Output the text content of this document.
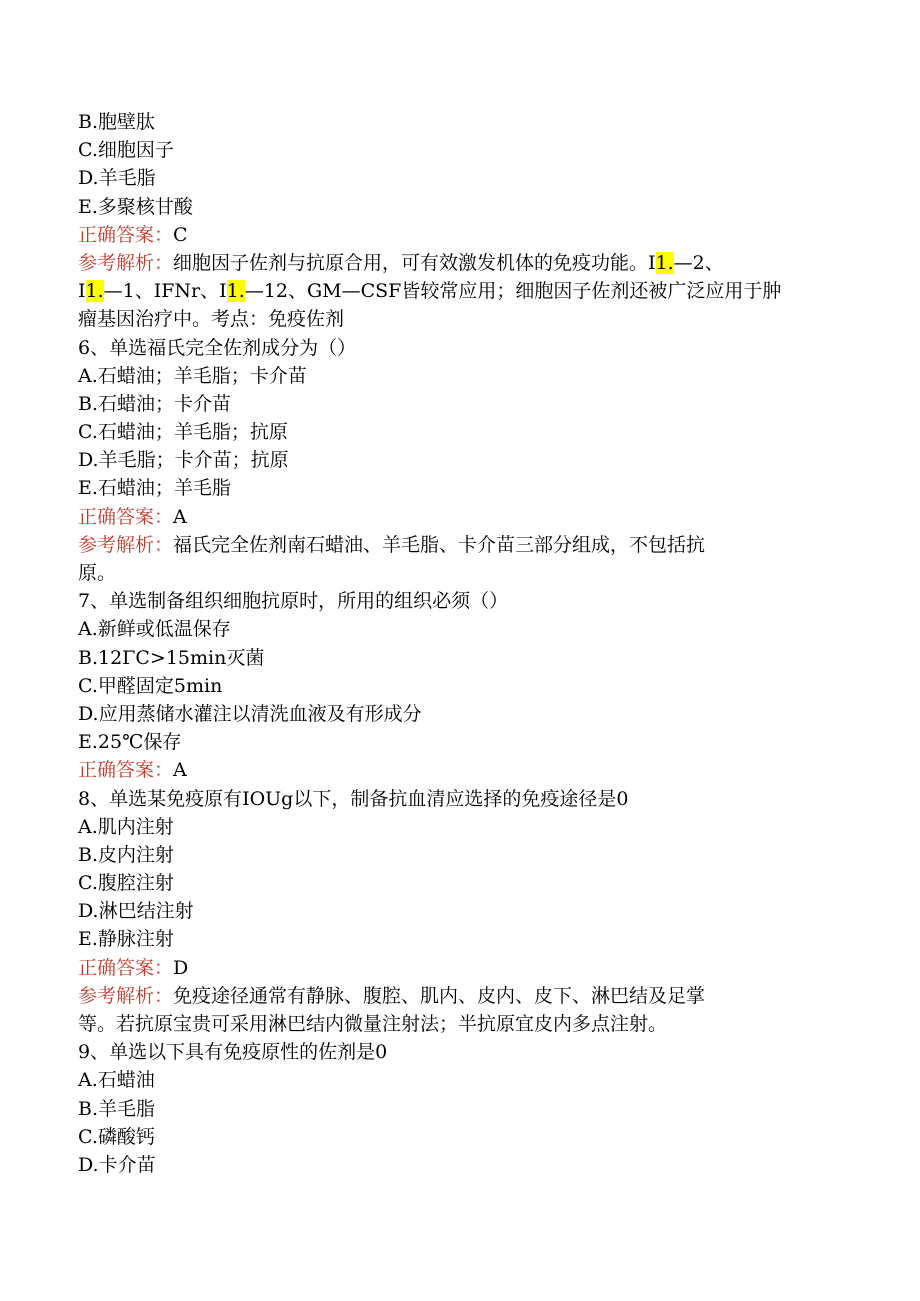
B.胞壁肽
C.细胞因子
D.羊毛脂
E.多聚核甘酸
正确答案：C
参考解析：细胞因子佐剂与抗原合用，可有效激发机体的免疫功能。I1.—2、
I1.—1、IFNr、I1.—12、GM—CSF皆较常应用；细胞因子佐剂还被广泛应用于肿
瘤基因治疗中。考点：免疫佐剂
6、单选福氏完全佐剂成分为（）
A.石蜡油；羊毛脂；卡介苗
B.石蜡油；卡介苗
C.石蜡油；羊毛脂；抗原
D.羊毛脂；卡介苗；抗原
E.石蜡油；羊毛脂
正确答案：A
参考解析：福氏完全佐剂南石蜡油、羊毛脂、卡介苗三部分组成，不包括抗
原。
7、单选制备组织细胞抗原时，所用的组织必须（）
A.新鲜或低温保存
B.12ΓC>15min灭菌
C.甲醛固定5min
D.应用蒸储水灌注以清洗血液及有形成分
E.25℃保存
正确答案：A
8、单选某免疫原有IOUg以下，制备抗血清应选择的免疫途径是0
A.肌内注射
B.皮内注射
C.腹腔注射
D.淋巴结注射
E.静脉注射
正确答案：D
参考解析：免疫途径通常有静脉、腹腔、肌内、皮内、皮下、淋巴结及足掌
等。若抗原宝贵可采用淋巴结内微量注射法；半抗原宜皮内多点注射。
9、单选以下具有免疫原性的佐剂是0
A.石蜡油
B.羊毛脂
C.磷酸钙
D.卡介苗
